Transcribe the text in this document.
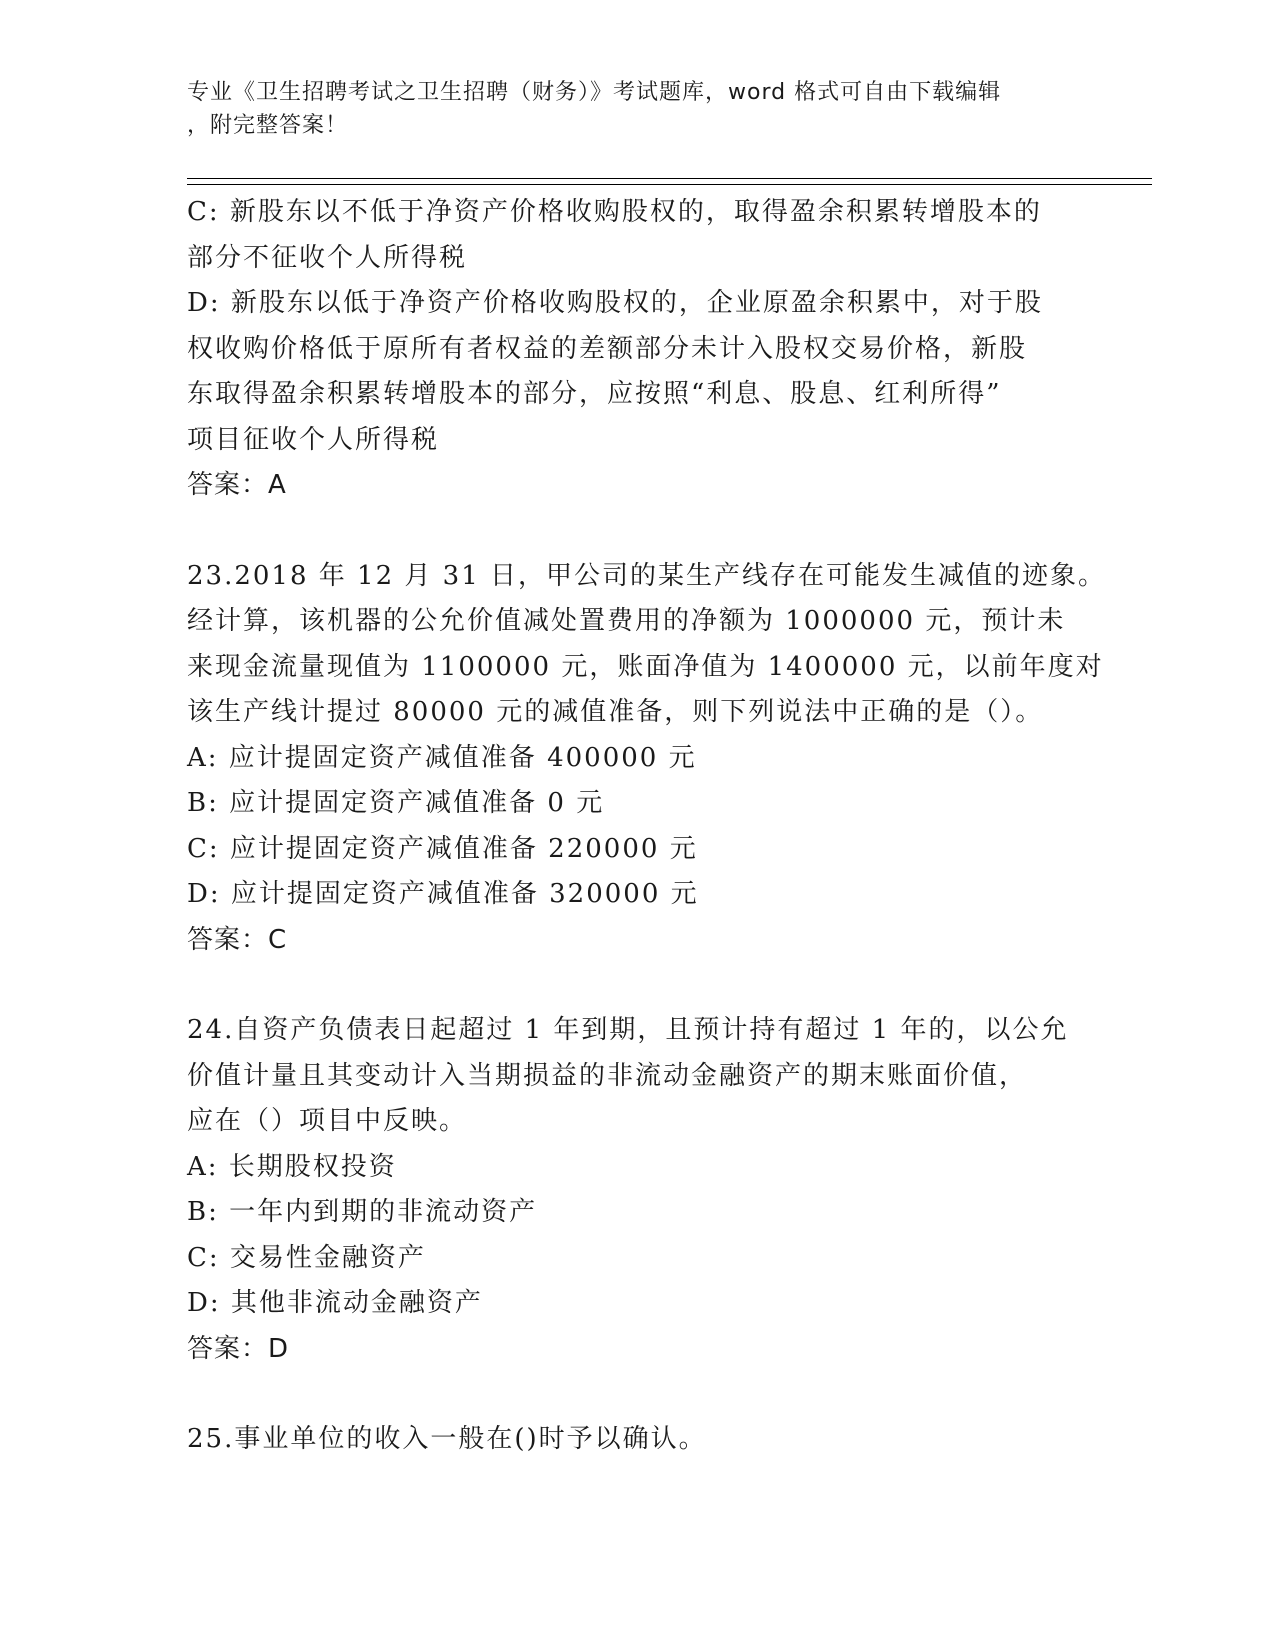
专业《卫生招聘考试之卫生招聘（财务）》考试题库，word 格式可自由下载编辑
，附完整答案！
C: 新股东以不低于净资产价格收购股权的，取得盈余积累转增股本的
部分不征收个人所得税
D: 新股东以低于净资产价格收购股权的，企业原盈余积累中，对于股
权收购价格低于原所有者权益的差额部分未计入股权交易价格，新股
东取得盈余积累转增股本的部分，应按照“利息、股息、红利所得”
项目征收个人所得税
答案：A
23.2018 年 12 月 31 日，甲公司的某生产线存在可能发生减值的迹象。
经计算，该机器的公允价值减处置费用的净额为 1000000 元，预计未
来现金流量现值为 1100000 元，账面净值为 1400000 元，以前年度对
该生产线计提过 80000 元的减值准备，则下列说法中正确的是（）。
A: 应计提固定资产减值准备 400000 元
B: 应计提固定资产减值准备 0 元
C: 应计提固定资产减值准备 220000 元
D: 应计提固定资产减值准备 320000 元
答案：C
24.自资产负债表日起超过 1 年到期，且预计持有超过 1 年的，以公允
价值计量且其变动计入当期损益的非流动金融资产的期末账面价值，
应在（）项目中反映。
A: 长期股权投资
B: 一年内到期的非流动资产
C: 交易性金融资产
D: 其他非流动金融资产
答案：D
25.事业单位的收入一般在()时予以确认。
